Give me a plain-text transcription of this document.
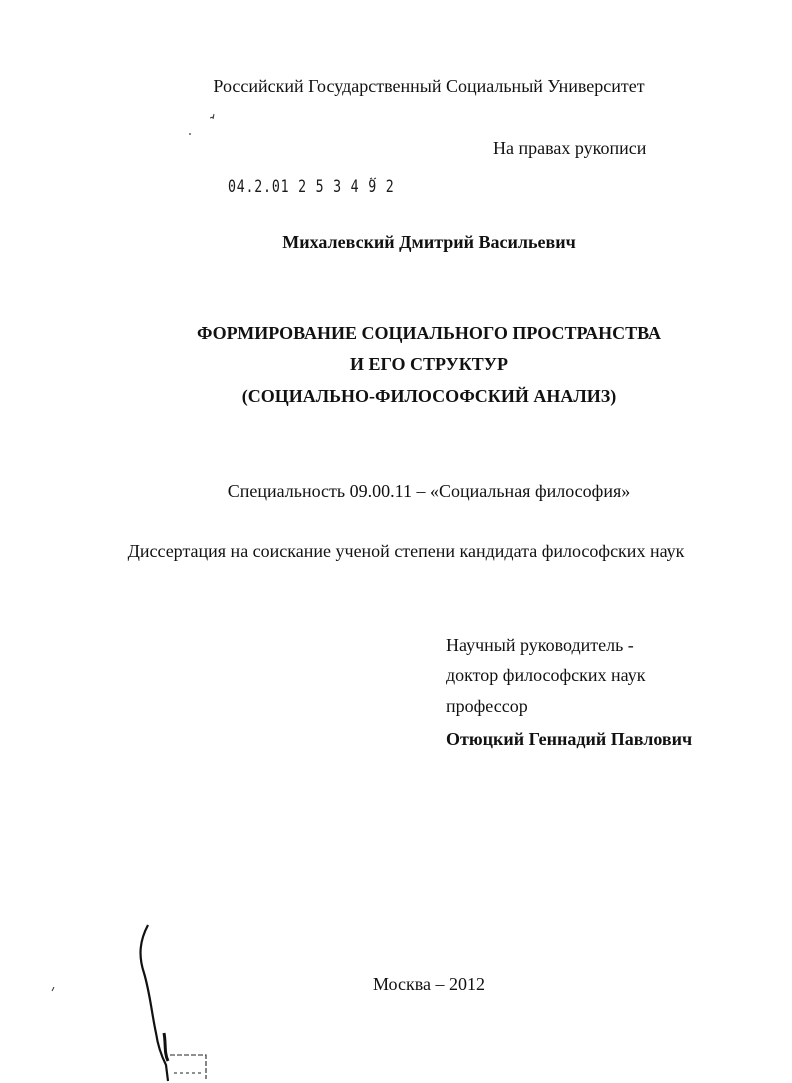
Российский Государственный Социальный Университет
На правах рукописи
04.2.01 2 5 3 4 9 2
Михалевский Дмитрий Васильевич
ФОРМИРОВАНИЕ СОЦИАЛЬНОГО ПРОСТРАНСТВА
И ЕГО СТРУКТУР
(СОЦИАЛЬНО-ФИЛОСОФСКИЙ АНАЛИЗ)
Специальность 09.00.11 – «Социальная философия»
Диссертация на соискание ученой степени кандидата философских наук
Научный руководитель -
доктор философских наук
профессор
Отюцкий Геннадий Павлович
Москва – 2012
